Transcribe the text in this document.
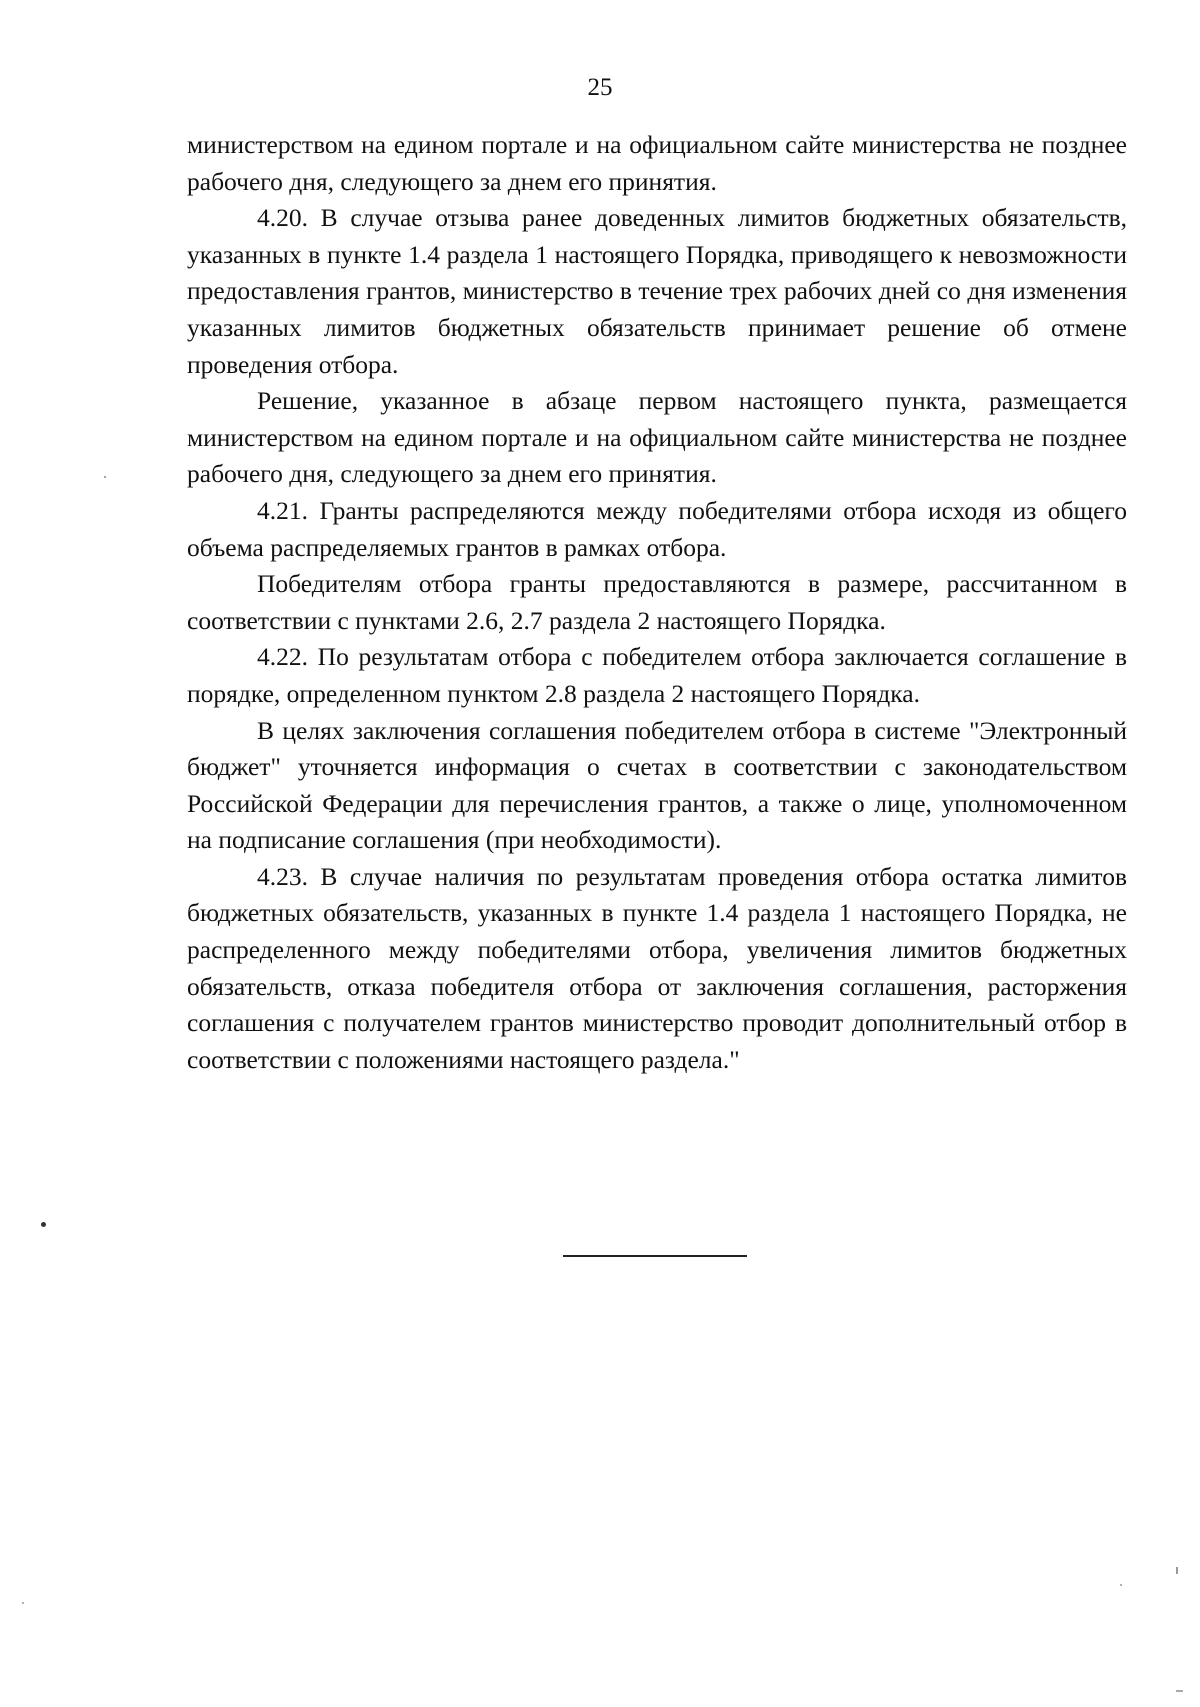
25

министерством на едином портале и на официальном сайте министерства не позднее рабочего дня, следующего за днем его принятия.

4.20. В случае отзыва ранее доведенных лимитов бюджетных обязательств, указанных в пункте 1.4 раздела 1 настоящего Порядка, приводящего к невозможности предоставления грантов, министерство в течение трех рабочих дней со дня изменения указанных лимитов бюджетных обязательств принимает решение об отмене проведения отбора.

Решение, указанное в абзаце первом настоящего пункта, размещается министерством на едином портале и на официальном сайте министерства не позднее рабочего дня, следующего за днем его принятия.

4.21. Гранты распределяются между победителями отбора исходя из общего объема распределяемых грантов в рамках отбора.

Победителям отбора гранты предоставляются в размере, рассчитанном в соответствии с пунктами 2.6, 2.7 раздела 2 настоящего Порядка.

4.22. По результатам отбора с победителем отбора заключается соглашение в порядке, определенном пунктом 2.8 раздела 2 настоящего Порядка.

В целях заключения соглашения победителем отбора в системе "Электронный бюджет" уточняется информация о счетах в соответствии с законодательством Российской Федерации для перечисления грантов, а также о лице, уполномоченном на подписание соглашения (при необходимости).

4.23. В случае наличия по результатам проведения отбора остатка лимитов бюджетных обязательств, указанных в пункте 1.4 раздела 1 настоящего Порядка, не распределенного между победителями отбора, увеличения лимитов бюджетных обязательств, отказа победителя отбора от заключения соглашения, расторжения соглашения с получателем грантов министерство проводит дополнительный отбор в соответствии с положениями настоящего раздела."
